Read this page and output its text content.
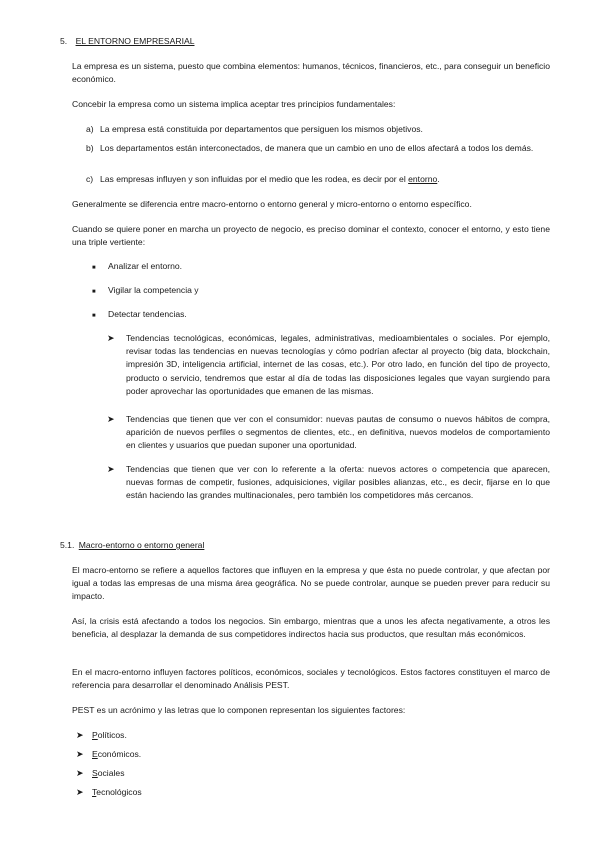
5. EL ENTORNO EMPRESARIAL

La empresa es un sistema, puesto que combina elementos: humanos, técnicos, financieros, etc., para conseguir un beneficio económico.

Concebir la empresa como un sistema implica aceptar tres principios fundamentales:

a) La empresa está constituida por departamentos que persiguen los mismos objetivos.

b) Los departamentos están interconectados, de manera que un cambio en uno de ellos afectará a todos los demás.

c) Las empresas influyen y son influidas por el medio que les rodea, es decir por el entorno.

Generalmente se diferencia entre macro-entorno o entorno general y micro-entorno o entorno específico.

Cuando se quiere poner en marcha un proyecto de negocio, es preciso dominar el contexto, conocer el entorno, y esto tiene una triple vertiente:

■ Analizar el entorno.

■ Vigilar la competencia y

■ Detectar tendencias.

➤ Tendencias tecnológicas, económicas, legales, administrativas, medioambientales o sociales. Por ejemplo, revisar todas las tendencias en nuevas tecnologías y cómo podrían afectar al proyecto (big data, blockchain, impresión 3D, inteligencia artificial, internet de las cosas, etc.). Por otro lado, en función del tipo de proyecto, producto o servicio, tendremos que estar al día de todas las disposiciones legales que vayan surgiendo para poder aprovechar las oportunidades que emanen de las mismas.

➤ Tendencias que tienen que ver con el consumidor: nuevas pautas de consumo o nuevos hábitos de compra, aparición de nuevos perfiles o segmentos de clientes, etc., en definitiva, nuevos modelos de comportamiento en clientes y usuarios que puedan suponer una oportunidad.

➤ Tendencias que tienen que ver con lo referente a la oferta: nuevos actores o competencia que aparecen, nuevas formas de competir, fusiones, adquisiciones, vigilar posibles alianzas, etc., es decir, fijarse en lo que están haciendo las grandes multinacionales, pero también los competidores más cercanos.

5.1. Macro-entorno o entorno general

El macro-entorno se refiere a aquellos factores que influyen en la empresa y que ésta no puede controlar, y que afectan por igual a todas las empresas de una misma área geográfica. No se puede controlar, aunque se pueden prever para reducir su impacto.

Así, la crisis está afectando a todos los negocios. Sin embargo, mientras que a unos les afecta negativamente, a otros les beneficia, al desplazar la demanda de sus competidores indirectos hacia sus productos, que resultan más económicos.

En el macro-entorno influyen factores políticos, económicos, sociales y tecnológicos. Estos factores constituyen el marco de referencia para desarrollar el denominado Análisis PEST.

PEST es un acrónimo y las letras que lo componen representan los siguientes factores:

➤ Políticos.

➤ Económicos.

➤ Sociales

➤ Tecnológicos
